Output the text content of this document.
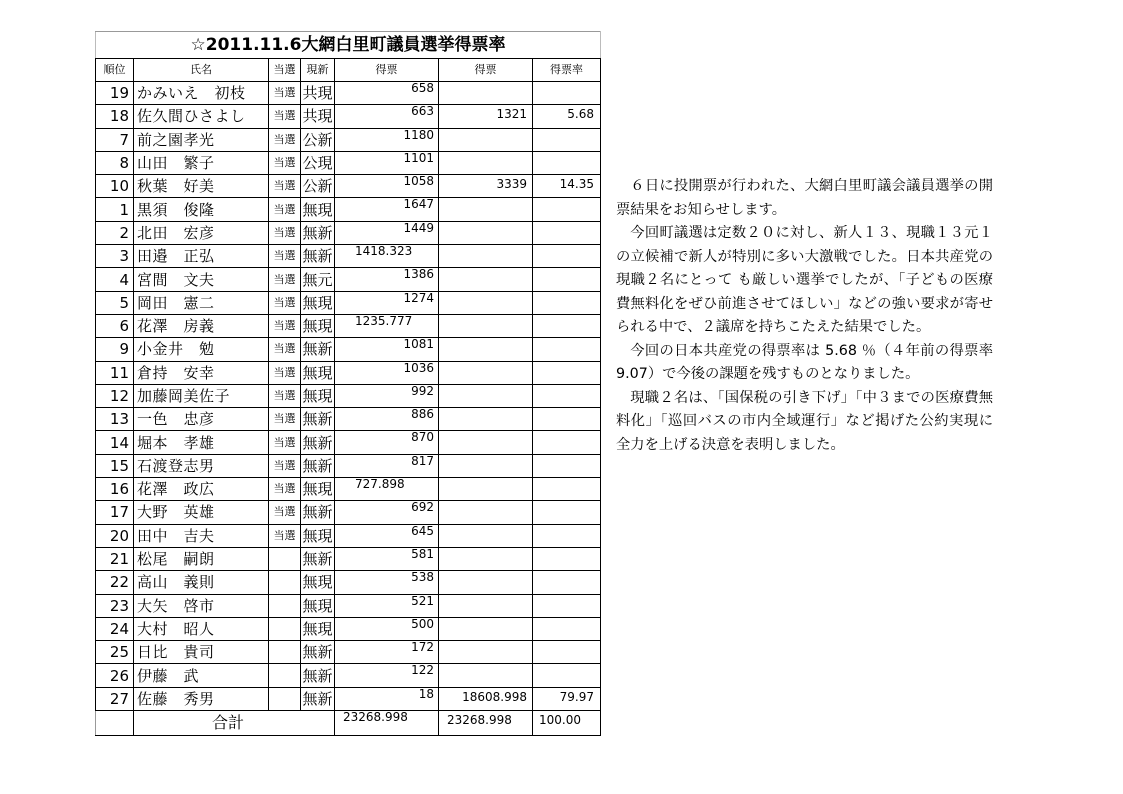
☆2011.11.6大網白里町議員選挙得票率						
順位	氏名	当選	現新	得票	得票	得票率
19	かみいえ　初枝	当選	共現	658		
18	佐久間ひさよし	当選	共現	663	1321	5.68
7	前之園孝光	当選	公新	1180		
8	山田　繁子	当選	公現	1101		
10	秋葉　好美	当選	公新	1058	3339	14.35
1	黒須　俊隆	当選	無現	1647		
2	北田　宏彦	当選	無新	1449		
3	田邉　正弘	当選	無新	1418.323		
4	宮間　文夫	当選	無元	1386		
5	岡田　憲二	当選	無現	1274		
6	花澤　房義	当選	無現	1235.777		
9	小金井　勉	当選	無新	1081		
11	倉持　安幸	当選	無現	1036		
12	加藤岡美佐子	当選	無現	992		
13	一色　忠彦	当選	無新	886		
14	堀本　孝雄	当選	無新	870		
15	石渡登志男	当選	無新	817		
16	花澤　政広	当選	無現	727.898		
17	大野　英雄	当選	無新	692		
20	田中　吉夫	当選	無現	645		
21	松尾　嗣朗		無新	581		
22	高山　義則		無現	538		
23	大矢　啓市		無現	521		
24	大村　昭人		無現	500		
25	日比　貴司		無新	172		
26	伊藤　武		無新	122		
27	佐藤　秀男		無新	18	18608.998	79.97
	合計			23268.998	23268.998	100.00

６日に投開票が行われた、大網白里町議会議員選挙の開票結果をお知らせします。

今回町議選は定数２０に対し、新人１３、現職１３元１の立候補で新人が特別に多い大激戦でした。日本共産党の現職２名にとって も厳しい選挙でしたが、「子どもの医療費無料化をぜひ前進させてほしい」などの強い要求が寄せられる中で、２議席を持ちこたえた結果でした。

今回の日本共産党の得票率は 5.68 ％（４年前の得票率 9.07）で今後の課題を残すものとなりました。

現職２名は、「国保税の引き下げ」「中３までの医療費無料化」「巡回バスの市内全域運行」など掲げた公約実現に全力を上げる決意を表明しました。
